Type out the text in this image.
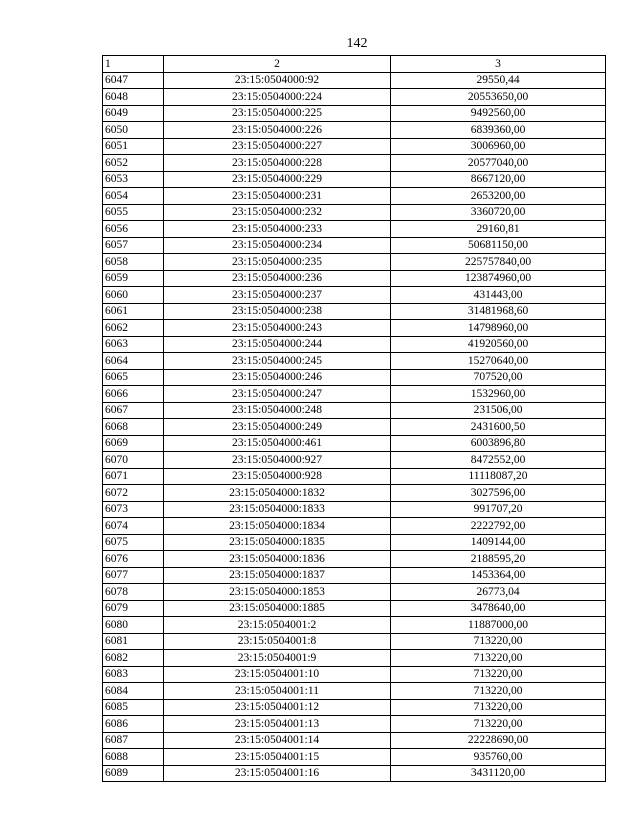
142
1	2	3
6047	23:15:0504000:92	29550,44
6048	23:15:0504000:224	20553650,00
6049	23:15:0504000:225	9492560,00
6050	23:15:0504000:226	6839360,00
6051	23:15:0504000:227	3006960,00
6052	23:15:0504000:228	20577040,00
6053	23:15:0504000:229	8667120,00
6054	23:15:0504000:231	2653200,00
6055	23:15:0504000:232	3360720,00
6056	23:15:0504000:233	29160,81
6057	23:15:0504000:234	50681150,00
6058	23:15:0504000:235	225757840,00
6059	23:15:0504000:236	123874960,00
6060	23:15:0504000:237	431443,00
6061	23:15:0504000:238	31481968,60
6062	23:15:0504000:243	14798960,00
6063	23:15:0504000:244	41920560,00
6064	23:15:0504000:245	15270640,00
6065	23:15:0504000:246	707520,00
6066	23:15:0504000:247	1532960,00
6067	23:15:0504000:248	231506,00
6068	23:15:0504000:249	2431600,50
6069	23:15:0504000:461	6003896,80
6070	23:15:0504000:927	8472552,00
6071	23:15:0504000:928	11118087,20
6072	23:15:0504000:1832	3027596,00
6073	23:15:0504000:1833	991707,20
6074	23:15:0504000:1834	2222792,00
6075	23:15:0504000:1835	1409144,00
6076	23:15:0504000:1836	2188595,20
6077	23:15:0504000:1837	1453364,00
6078	23:15:0504000:1853	26773,04
6079	23:15:0504000:1885	3478640,00
6080	23:15:0504001:2	11887000,00
6081	23:15:0504001:8	713220,00
6082	23:15:0504001:9	713220,00
6083	23:15:0504001:10	713220,00
6084	23:15:0504001:11	713220,00
6085	23:15:0504001:12	713220,00
6086	23:15:0504001:13	713220,00
6087	23:15:0504001:14	22228690,00
6088	23:15:0504001:15	935760,00
6089	23:15:0504001:16	3431120,00
